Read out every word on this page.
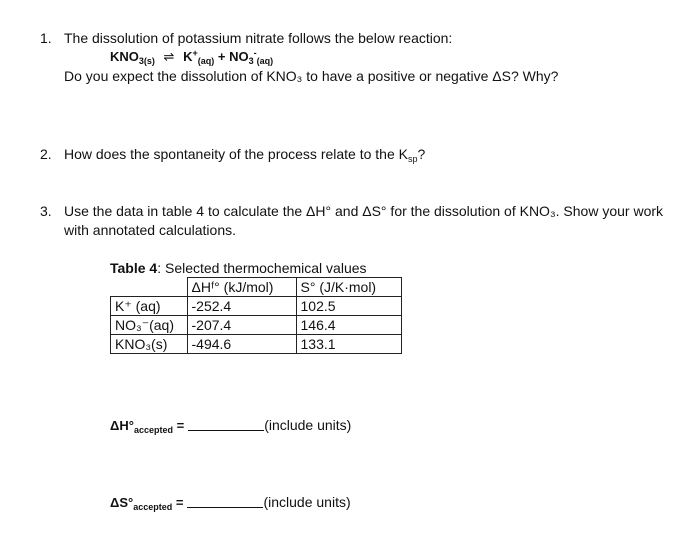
1. The dissolution of potassium nitrate follows the below reaction:
$KNO_{3(s)}$ ⇌ $K^+_{(aq)} + NO_3^-_{(aq)}$
Do you expect the dissolution of KNO₃ to have a positive or negative ΔS? Why?
2. How does the spontaneity of the process relate to the $K_{sp}$?
3. Use the data in table 4 to calculate the ΔH° and ΔS° for the dissolution of KNO₃. Show your work
with annotated calculations.
Table 4: Selected thermochemical values
	ΔHᶠ° (kJ/mol)	S° (J/K·mol)
K⁺ (aq)	-252.4	102.5
NO₃⁻(aq)	-207.4	146.4
KNO₃(s)	-494.6	133.1
$\Delta H^\circ_{accepted}$ =	(include units)
$\Delta S^\circ_{accepted}$ =	(include units)
